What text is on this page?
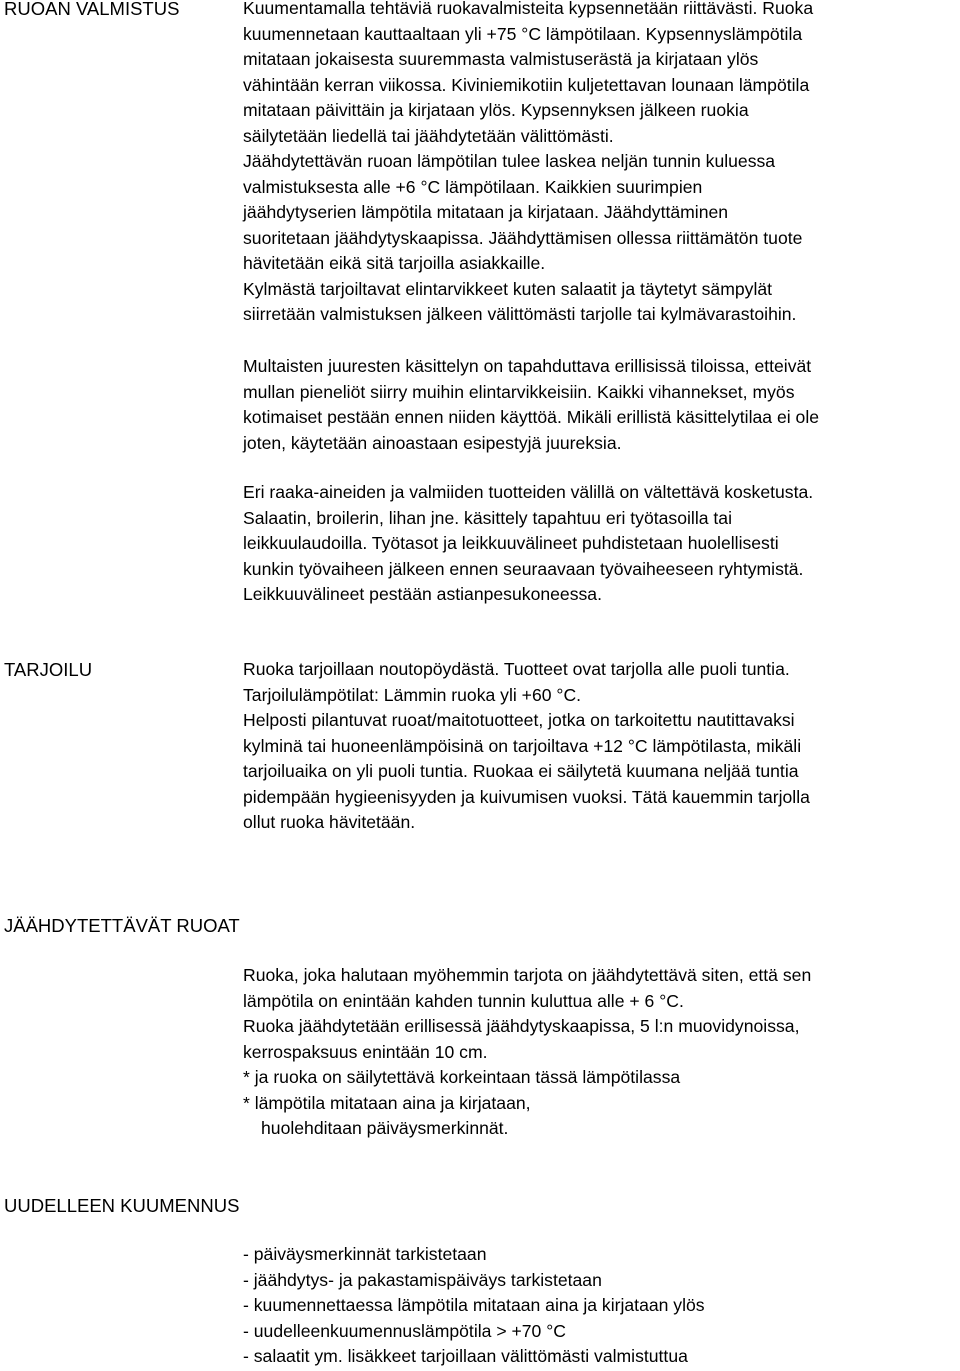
RUOAN VALMISTUS	Kuumentamalla tehtäviä ruokavalmisteita kypsennetään riittävästi. Ruoka
kuumennetaan kauttaaltaan yli +75 °C lämpötilaan. Kypsennyslämpötila
mitataan jokaisesta suuremmasta valmistuserästä ja kirjataan ylös
vähintään kerran viikossa. Kiviniemikotiin kuljetettavan lounaan lämpötila
mitataan päivittäin ja kirjataan ylös. Kypsennyksen jälkeen ruokia
säilytetään liedellä tai jäähdytetään välittömästi.
Jäähdytettävän ruoan lämpötilan tulee laskea neljän tunnin kuluessa
valmistuksesta alle +6 °C lämpötilaan. Kaikkien suurimpien
jäähdytyserien lämpötila mitataan ja kirjataan. Jäähdyttäminen
suoritetaan jäähdytyskaapissa. Jäähdyttämisen ollessa riittämätön tuote
hävitetään eikä sitä tarjoilla asiakkaille.
Kylmästä tarjoiltavat elintarvikkeet kuten salaatit ja täytetyt sämpylät
siirretään valmistuksen jälkeen välittömästi tarjolle tai kylmävarastoihin.
Multaisten juuresten käsittelyn on tapahduttava erillisissä tiloissa, etteivät
mullan pieneliöt siirry muihin elintarvikkeisiin. Kaikki vihannekset, myös
kotimaiset pestään ennen niiden käyttöä. Mikäli erillistä käsittelytilaa ei ole
joten, käytetään ainoastaan esipestyjä juureksia.
Eri raaka-aineiden ja valmiiden tuotteiden välillä on vältettävä kosketusta.
Salaatin, broilerin, lihan jne. käsittely tapahtuu eri työtasoilla tai
leikkuulaudoilla. Työtasot ja leikkuuvälineet puhdistetaan huolellisesti
kunkin työvaiheen jälkeen ennen seuraavaan työvaiheeseen ryhtymistä.
Leikkuuvälineet pestään astianpesukoneessa.
TARJOILU	Ruoka tarjoillaan noutopöydästä. Tuotteet ovat tarjolla alle puoli tuntia.
Tarjoilulämpötilat: Lämmin ruoka yli +60 °C.
Helposti pilantuvat ruoat/maitotuotteet, jotka on tarkoitettu nautittavaksi
kylminä tai huoneenlämpöisinä on tarjoiltava +12 °C lämpötilasta, mikäli
tarjoiluaika on yli puoli tuntia. Ruokaa ei säilytetä kuumana neljää tuntia
pidempään hygieenisyyden ja kuivumisen vuoksi. Tätä kauemmin tarjolla
ollut ruoka hävitetään.
JÄÄHDYTETTÄVÄT RUOAT
Ruoka, joka halutaan myöhemmin tarjota on jäähdytettävä siten, että sen
lämpötila on enintään kahden tunnin kuluttua alle + 6 °C.
Ruoka jäähdytetään erillisessä jäähdytyskaapissa, 5 l:n muovidynoissa,
kerrospaksuus enintään 10 cm.
* ja ruoka on säilytettävä korkeintaan tässä lämpötilassa
* lämpötila mitataan aina ja kirjataan,
huolehditaan päiväysmerkinnät.
UUDELLEEN KUUMENNUS
- päiväysmerkinnät tarkistetaan
- jäähdytys- ja pakastamispäiväys tarkistetaan
- kuumennettaessa lämpötila mitataan aina ja kirjataan ylös
- uudelleenkuumennuslämpötila > +70 °C
- salaatit ym. lisäkkeet tarjoillaan välittömästi valmistuttua
